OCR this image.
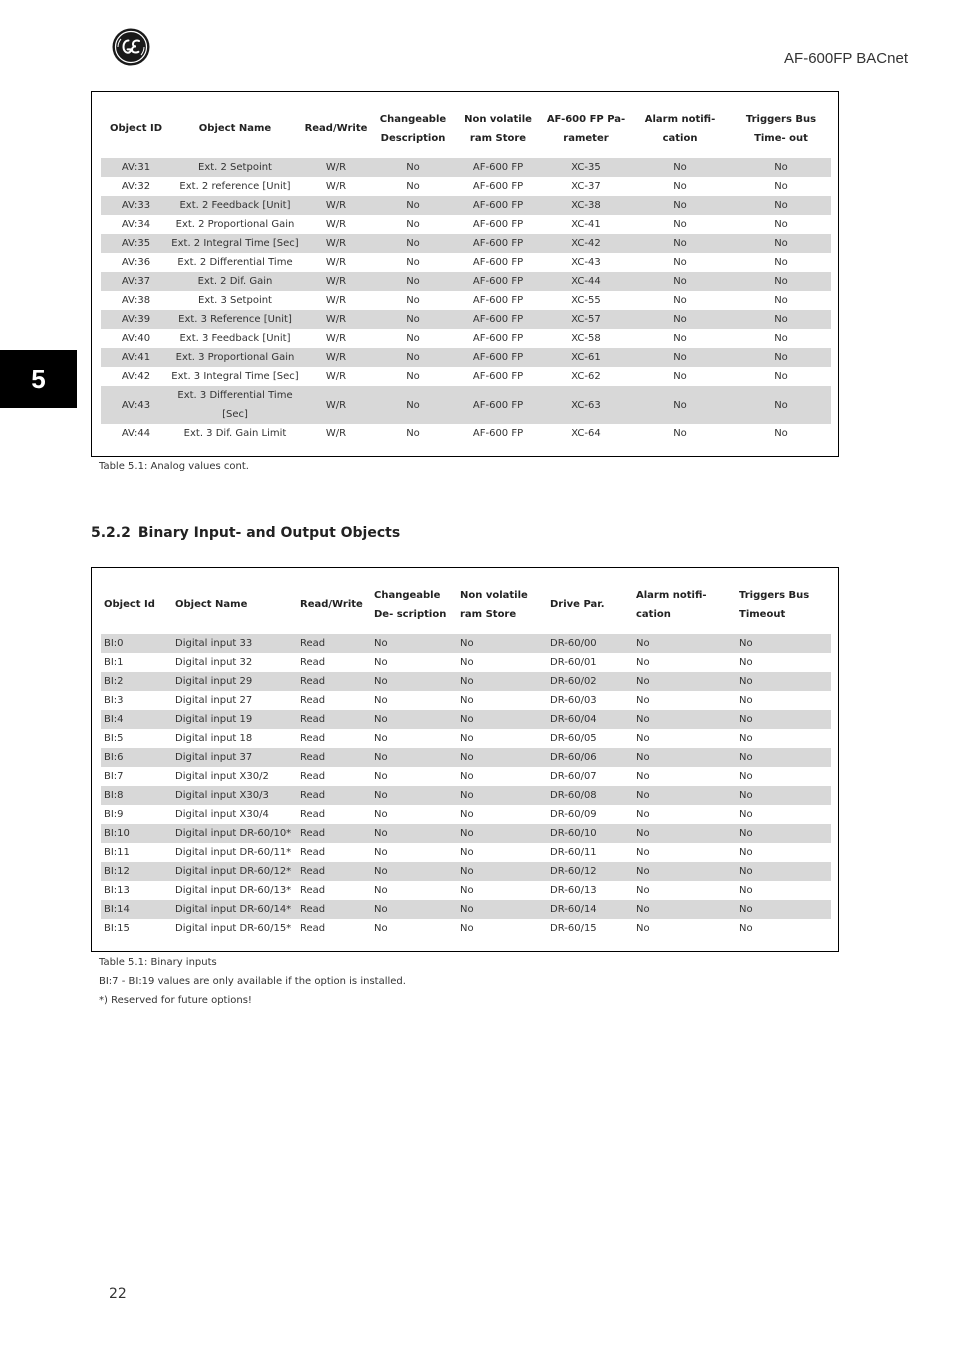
AF-600FP BACnet
5
Object ID	Object Name	Read/Write	Changeable Description	Non volatile ram Store	AF-600 FP Pa- rameter	Alarm notifi- cation	Triggers Bus Time- out
AV:31	Ext. 2 Setpoint	W/R	No	AF-600 FP	XC-35	No	No
AV:32	Ext. 2 reference [Unit]	W/R	No	AF-600 FP	XC-37	No	No
AV:33	Ext. 2 Feedback [Unit]	W/R	No	AF-600 FP	XC-38	No	No
AV:34	Ext. 2 Proportional Gain	W/R	No	AF-600 FP	XC-41	No	No
AV:35	Ext. 2 Integral Time [Sec]	W/R	No	AF-600 FP	XC-42	No	No
AV:36	Ext. 2 Differential Time	W/R	No	AF-600 FP	XC-43	No	No
AV:37	Ext. 2 Dif. Gain	W/R	No	AF-600 FP	XC-44	No	No
AV:38	Ext. 3 Setpoint	W/R	No	AF-600 FP	XC-55	No	No
AV:39	Ext. 3 Reference [Unit]	W/R	No	AF-600 FP	XC-57	No	No
AV:40	Ext. 3 Feedback [Unit]	W/R	No	AF-600 FP	XC-58	No	No
AV:41	Ext. 3 Proportional Gain	W/R	No	AF-600 FP	XC-61	No	No
AV:42	Ext. 3 Integral Time [Sec]	W/R	No	AF-600 FP	XC-62	No	No
AV:43	Ext. 3 Differential Time [Sec]	W/R	No	AF-600 FP	XC-63	No	No
AV:44	Ext. 3 Dif. Gain Limit	W/R	No	AF-600 FP	XC-64	No	No
Table 5.1: Analog values cont.
5.2.2 Binary Input- and Output Objects
Object Id	Object Name	Read/Write	Changeable De- scription	Non volatile ram Store	Drive Par.	Alarm notifi- cation	Triggers Bus Timeout
BI:0	Digital input 33	Read	No	No	DR-60/00	No	No
BI:1	Digital input 32	Read	No	No	DR-60/01	No	No
BI:2	Digital input 29	Read	No	No	DR-60/02	No	No
BI:3	Digital input 27	Read	No	No	DR-60/03	No	No
BI:4	Digital input 19	Read	No	No	DR-60/04	No	No
BI:5	Digital input 18	Read	No	No	DR-60/05	No	No
BI:6	Digital input 37	Read	No	No	DR-60/06	No	No
BI:7	Digital input X30/2	Read	No	No	DR-60/07	No	No
BI:8	Digital input X30/3	Read	No	No	DR-60/08	No	No
BI:9	Digital input X30/4	Read	No	No	DR-60/09	No	No
BI:10	Digital input DR-60/10*	Read	No	No	DR-60/10	No	No
BI:11	Digital input DR-60/11*	Read	No	No	DR-60/11	No	No
BI:12	Digital input DR-60/12*	Read	No	No	DR-60/12	No	No
BI:13	Digital input DR-60/13*	Read	No	No	DR-60/13	No	No
BI:14	Digital input DR-60/14*	Read	No	No	DR-60/14	No	No
BI:15	Digital input DR-60/15*	Read	No	No	DR-60/15	No	No
Table 5.1: Binary inputs
BI:7 - BI:19 values are only available if the option is installed.
*) Reserved for future options!
22
